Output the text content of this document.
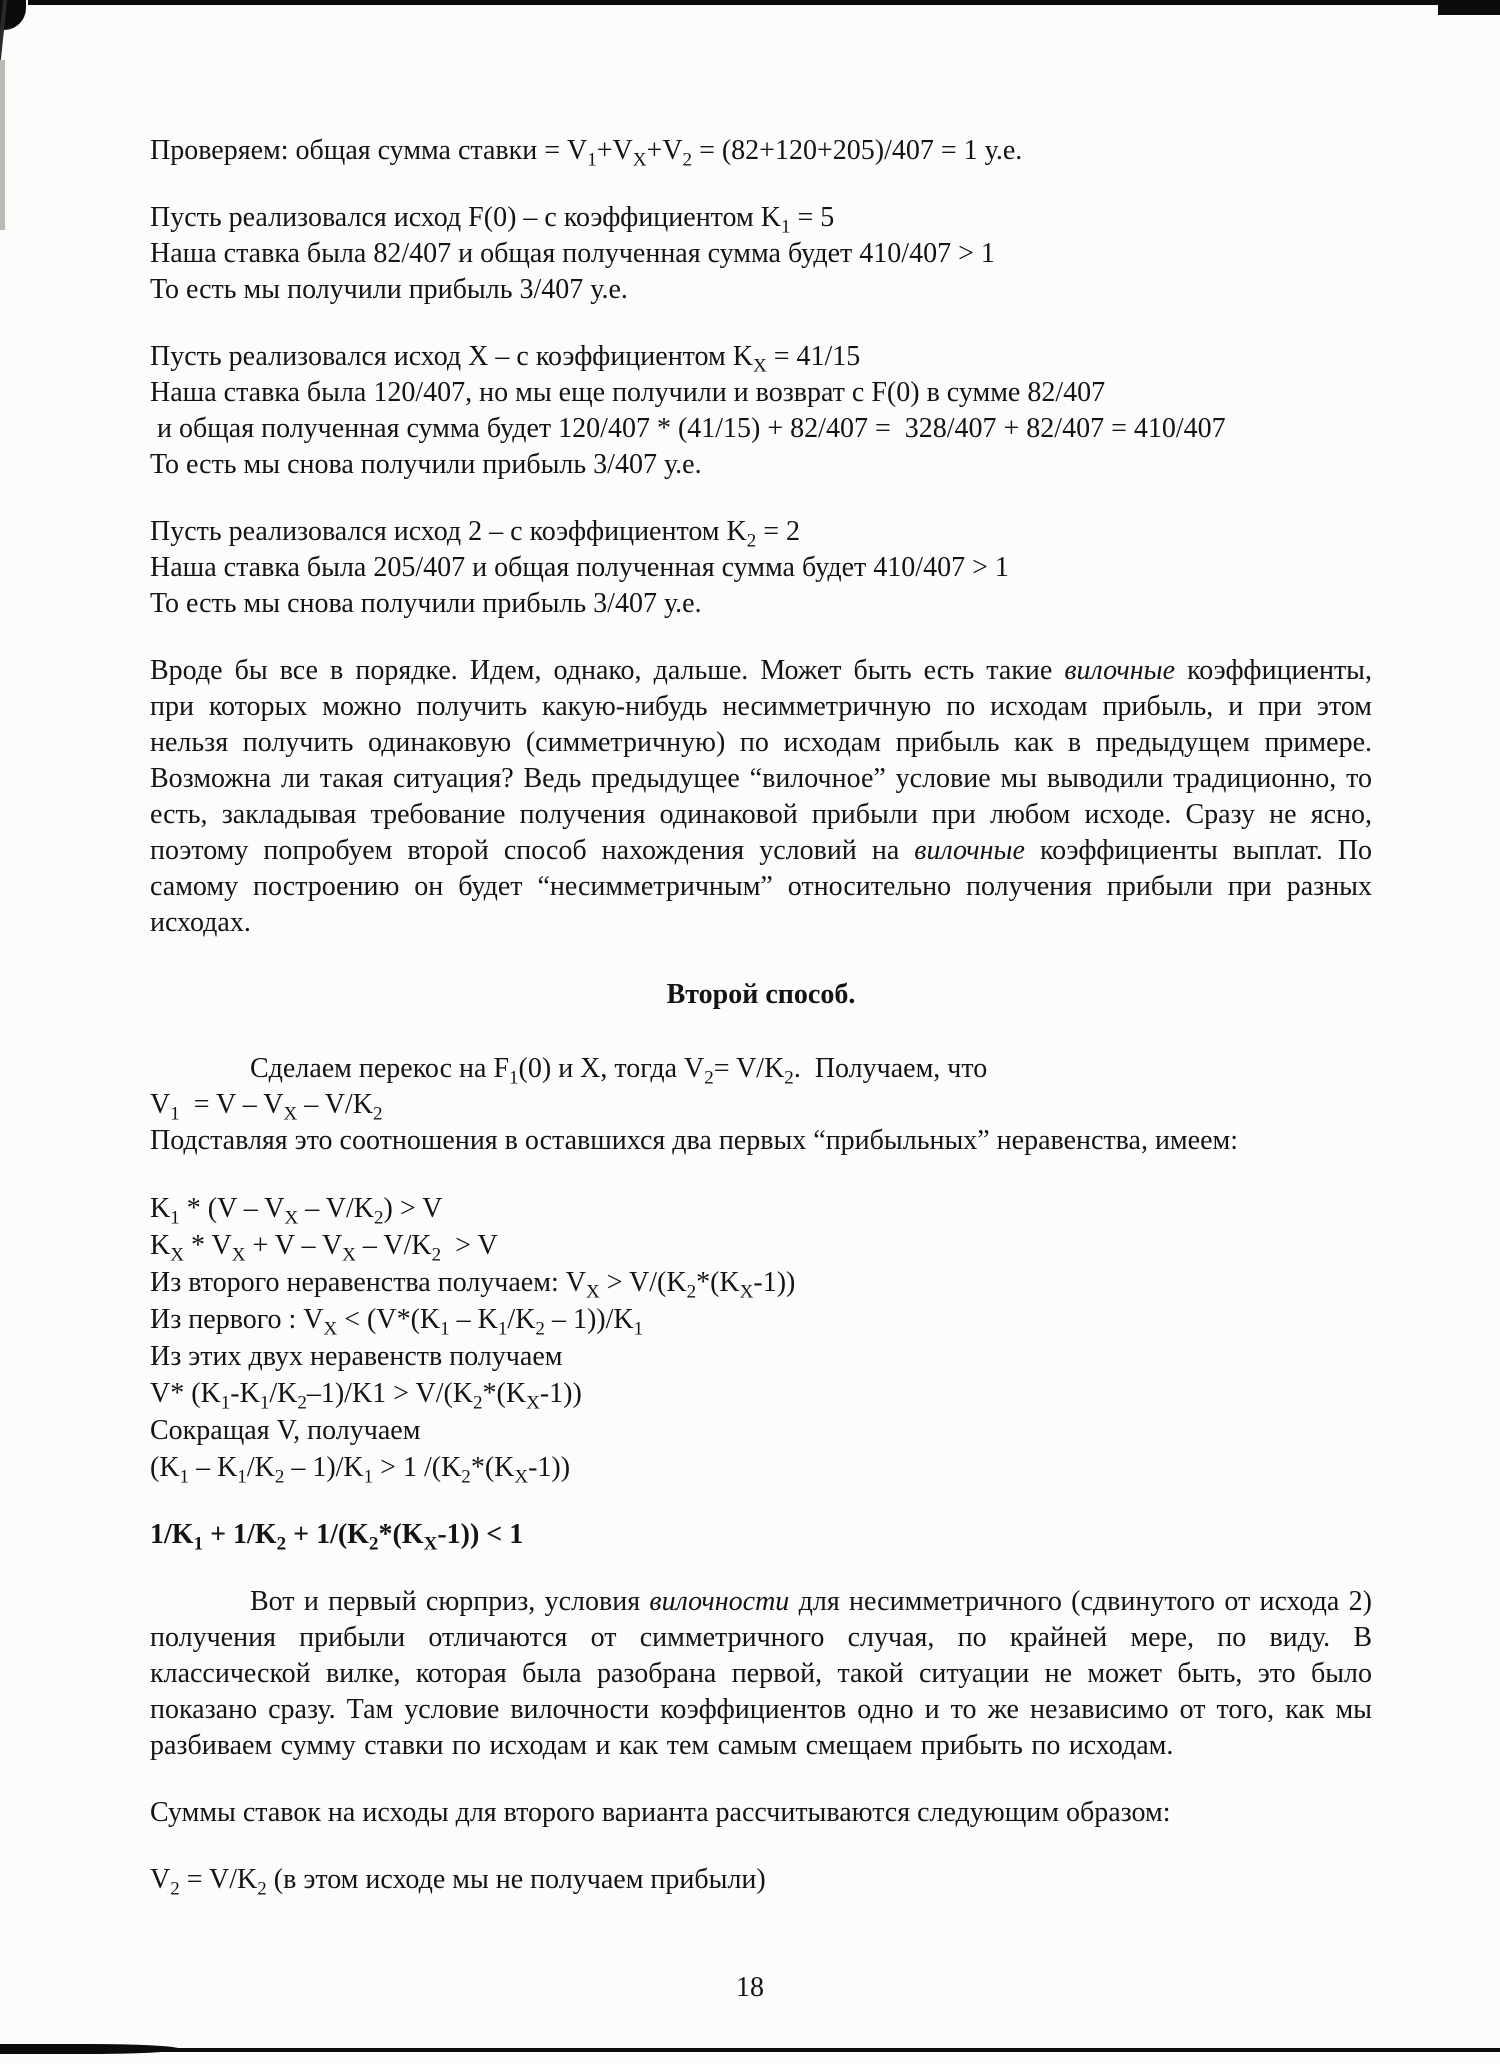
Проверяем: общая сумма ставки = $V_1+V_X+V_2 = (82+120+205)/407 = 1$ у.е.
Пусть реализовался исход F(0) – с коэффициентом $K_1 = 5$
Наша ставка была 82/407 и общая полученная сумма будет 410/407 > 1
То есть мы получили прибыль 3/407 у.е.
Пусть реализовался исход X – с коэффициентом $K_X = 41/15$
Наша ставка была 120/407, но мы еще получили и возврат с F(0) в сумме 82/407
и общая полученная сумма будет 120/407 * (41/15) + 82/407 =  328/407 + 82/407 = 410/407
То есть мы снова получили прибыль 3/407 у.е.
Пусть реализовался исход 2 – с коэффициентом $K_2 = 2$
Наша ставка была 205/407 и общая полученная сумма будет 410/407 > 1
То есть мы снова получили прибыль 3/407 у.е.
Вроде бы все в порядке. Идем, однако, дальше. Может быть есть такие вилочные коэффициенты, при которых можно получить какую-нибудь несимметричную по исходам прибыль, и при этом нельзя получить одинаковую (симметричную) по исходам прибыль как в предыдущем примере. Возможна ли такая ситуация? Ведь предыдущее “вилочное” условие мы выводили традиционно, то есть, закладывая требование получения одинаковой прибыли при любом исходе. Сразу не ясно, поэтому попробуем второй способ нахождения условий на вилочные коэффициенты выплат. По самому построению он будет “несимметричным” относительно получения прибыли при разных исходах.
Второй способ.
Сделаем перекос на $F_1(0)$ и X, тогда $V_2= V/K_2$.  Получаем, что
$V_1 = V - V_X - V/K_2$
Подставляя это соотношения в оставшихся два первых “прибыльных” неравенства, имеем:
$K_1 * (V - V_X - V/K_2) > V$
$K_X * V_X + V - V_X - V/K_2 > V$
Из второго неравенства получаем: $V_X > V/(K_2*(K_X-1))$
Из первого : $V_X < (V*(K_1 - K_1/K_2 - 1))/K_1$
Из этих двух неравенств получаем
V* $(K_1-K_1/K_2-1)/K1 > V/(K_2*(K_X-1))$
Сокращая V, получаем
$(K_1 - K_1/K_2 - 1)/K_1 > 1$ $/(K_2*(K_X-1))$
$1/K_1 + 1/K_2 + 1/(K_2*(K_X-1)) < 1$
Вот и первый сюрприз, условия вилочности для несимметричного (сдвинутого от исхода 2) получения прибыли отличаются от симметричного случая, по крайней мере, по виду. В классической вилке, которая была разобрана первой, такой ситуации не может быть, это было показано сразу. Там условие вилочности коэффициентов одно и то же независимо от того, как мы разбиваем сумму ставки по исходам и как тем самым смещаем прибыть по исходам.
Суммы ставок на исходы для второго варианта рассчитываются следующим образом:
$V_2 = V/K_2$ (в этом исходе мы не получаем прибыли)
18
